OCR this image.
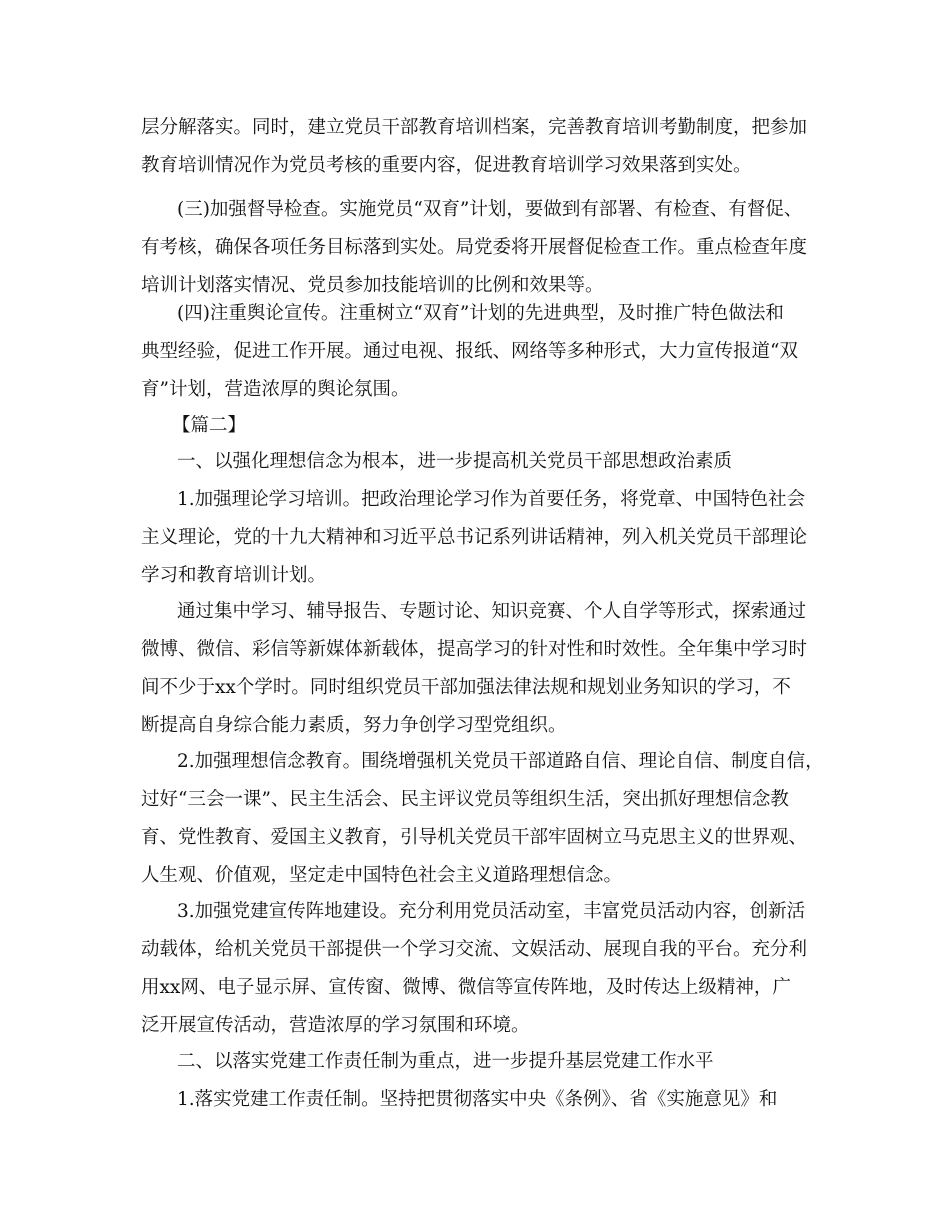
层分解落实。同时，建立党员干部教育培训档案，完善教育培训考勤制度，把参加
教育培训情况作为党员考核的重要内容，促进教育培训学习效果落到实处。
(三)加强督导检查。实施党员“双育”计划，要做到有部署、有检查、有督促、
有考核，确保各项任务目标落到实处。局党委将开展督促检查工作。重点检查年度
培训计划落实情况、党员参加技能培训的比例和效果等。
(四)注重舆论宣传。注重树立“双育”计划的先进典型，及时推广特色做法和
典型经验，促进工作开展。通过电视、报纸、网络等多种形式，大力宣传报道“双
育”计划，营造浓厚的舆论氛围。
【篇二】
一、以强化理想信念为根本，进一步提高机关党员干部思想政治素质
1.加强理论学习培训。把政治理论学习作为首要任务，将党章、中国特色社会
主义理论，党的十九大精神和习近平总书记系列讲话精神，列入机关党员干部理论
学习和教育培训计划。
通过集中学习、辅导报告、专题讨论、知识竞赛、个人自学等形式，探索通过
微博、微信、彩信等新媒体新载体，提高学习的针对性和时效性。全年集中学习时
间不少于xx个学时。同时组织党员干部加强法律法规和规划业务知识的学习，不
断提高自身综合能力素质，努力争创学习型党组织。
2.加强理想信念教育。围绕增强机关党员干部道路自信、理论自信、制度自信，
过好“三会一课”、民主生活会、民主评议党员等组织生活，突出抓好理想信念教
育、党性教育、爱国主义教育，引导机关党员干部牢固树立马克思主义的世界观、
人生观、价值观，坚定走中国特色社会主义道路理想信念。
3.加强党建宣传阵地建设。充分利用党员活动室，丰富党员活动内容，创新活
动载体，给机关党员干部提供一个学习交流、文娱活动、展现自我的平台。充分利
用xx网、电子显示屏、宣传窗、微博、微信等宣传阵地，及时传达上级精神，广
泛开展宣传活动，营造浓厚的学习氛围和环境。
二、以落实党建工作责任制为重点，进一步提升基层党建工作水平
1.落实党建工作责任制。坚持把贯彻落实中央《条例》、省《实施意见》和
